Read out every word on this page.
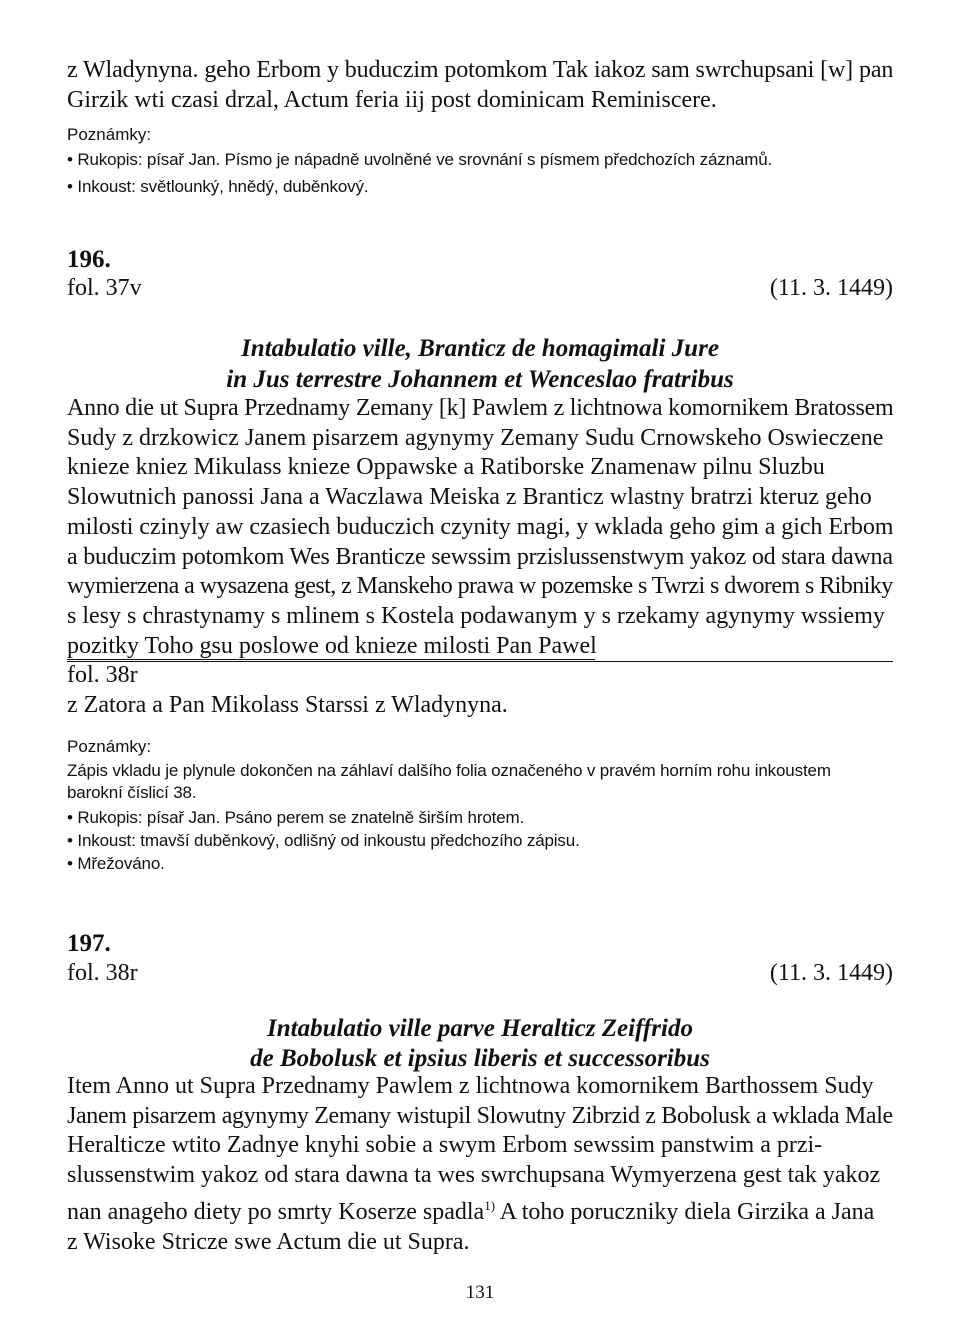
z Wladynyna. geho Erbom y buduczim potomkom Tak iakoz sam swrchupsani [w] pan
Girzik wti czasi drzal, Actum feria iij post dominicam Reminiscere.
Poznámky:
• Rukopis: písař Jan. Písmo je nápadně uvolněné ve srovnání s písmem předchozích záznamů.
• Inkoust: světlounký, hnědý, duběnkový.
196.
fol. 37v	(11. 3. 1449)
Intabulatio ville, Branticz de homagimali Jure
in Jus terrestre Johannem et Wenceslao fratribus
Anno die ut Supra Przednamy Zemany [k] Pawlem z lichtnowa komornikem Bratossem
Sudy z drzkowicz Janem pisarzem agynymy Zemany Sudu Crnowskeho Oswieczene
knieze kniez Mikulass knieze Oppawske a Ratiborske Znamenaw pilnu Sluzbu
Slowutnich panossi Jana a Waczlawa Meiska z Branticz wlastny bratrzi kteruz geho
milosti czinyly aw czasiech buduczich czynity magi, y wklada geho gim a gich Erbom
a buduczim potomkom Wes Branticze sewssim przislussenstwym yakoz od stara dawna
wymierzena a wysazena gest, z Manskeho prawa w pozemske s Twrzi s dworem s Ribniky
s lesy s chrastynamy s mlinem s Kostela podawanym y s rzekamy agynymy wssiemy
pozitky Toho gsu poslowe od knieze milosti Pan Pawel
fol. 38r
z Zatora a Pan Mikolass Starssi z Wladynyna.
Poznámky:
Zápis vkladu je plynule dokončen na záhlaví dalšího folia označeného v pravém horním rohu inkoustem
barokní číslicí 38.
• Rukopis: písař Jan. Psáno perem se znatelně širším hrotem.
• Inkoust: tmavší duběnkový, odlišný od inkoustu předchozího zápisu.
• Mřežováno.
197.
fol. 38r	(11. 3. 1449)
Intabulatio ville parve Heralticz Zeiffrido
de Bobolusk et ipsius liberis et successoribus
Item Anno ut Supra Przednamy Pawlem z lichtnowa komornikem Barthossem Sudy
Janem pisarzem agynymy Zemany wistupil Slowutny Zibrzid z Bobolusk a wklada Male
Heralticze wtito Zadnye knyhi sobie a swym Erbom sewssim panstwim a przi-
slussenstwim yakoz od stara dawna ta wes swrchupsana Wymyerzena gest tak yakoz
nan anageho diety po smrty Koserze spadla$^{1)}$ A toho poruczniky diela Girzika a Jana
z Wisoke Stricze swe Actum die ut Supra.
131
